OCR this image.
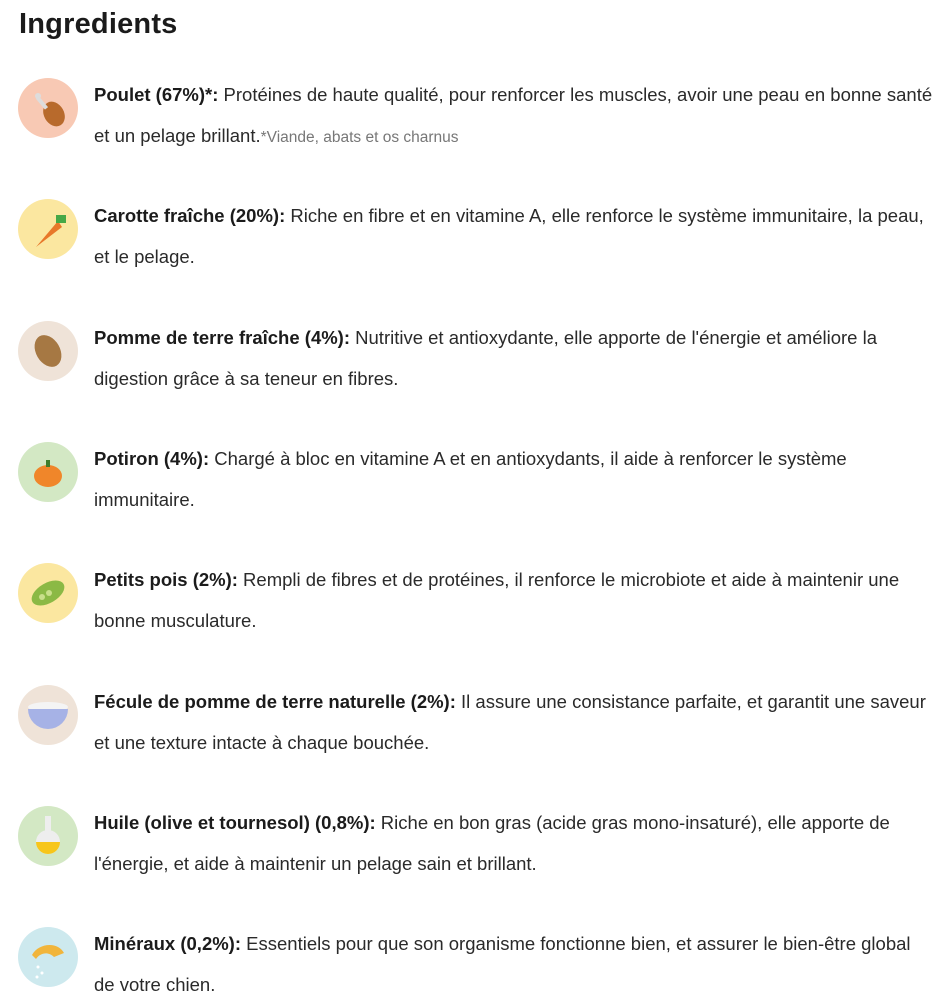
Ingredients
Poulet (67%)*: Protéines de haute qualité, pour renforcer les muscles, avoir une peau en bonne santé et un pelage brillant.*Viande, abats et os charnus
Carotte fraîche (20%): Riche en fibre et en vitamine A, elle renforce le système immunitaire, la peau, et le pelage.
Pomme de terre fraîche (4%): Nutritive et antioxydante, elle apporte de l'énergie et améliore la digestion grâce à sa teneur en fibres.
Potiron (4%): Chargé à bloc en vitamine A et en antioxydants, il aide à renforcer le système immunitaire.
Petits pois (2%): Rempli de fibres et de protéines, il renforce le microbiote et aide à maintenir une bonne musculature.
Fécule de pomme de terre naturelle (2%): Il assure une consistance parfaite, et garantit une saveur et une texture intacte à chaque bouchée.
Huile (olive et tournesol) (0,8%): Riche en bon gras (acide gras mono-insaturé), elle apporte de l'énergie, et aide à maintenir un pelage sain et brillant.
Minéraux (0,2%): Essentiels pour que son organisme fonctionne bien, et assurer le bien-être global de votre chien.
